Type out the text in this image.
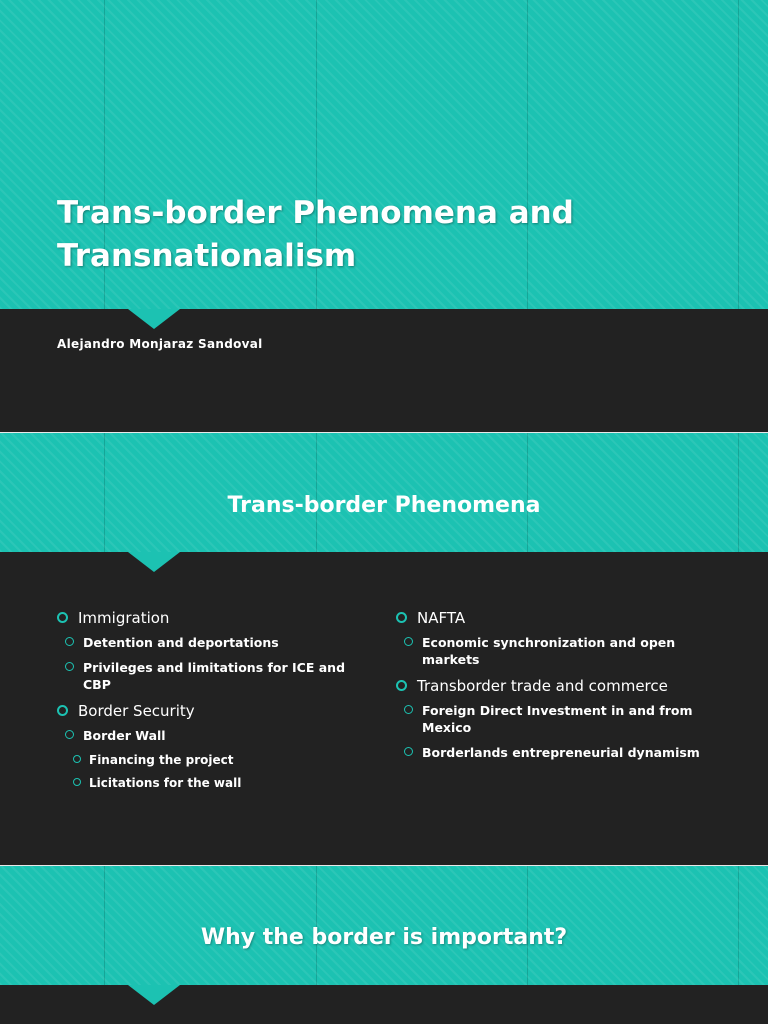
Trans-border Phenomena and Transnationalism
Alejandro Monjaraz Sandoval
Trans-border Phenomena
Immigration
Detention and deportations
Privileges and limitations for ICE and CBP
Border Security
Border Wall
Financing the project
Licitations for the wall
NAFTA
Economic synchronization and open markets
Transborder trade and commerce
Foreign Direct Investment in and from Mexico
Borderlands entrepreneurial dynamism
Why the border is important?
